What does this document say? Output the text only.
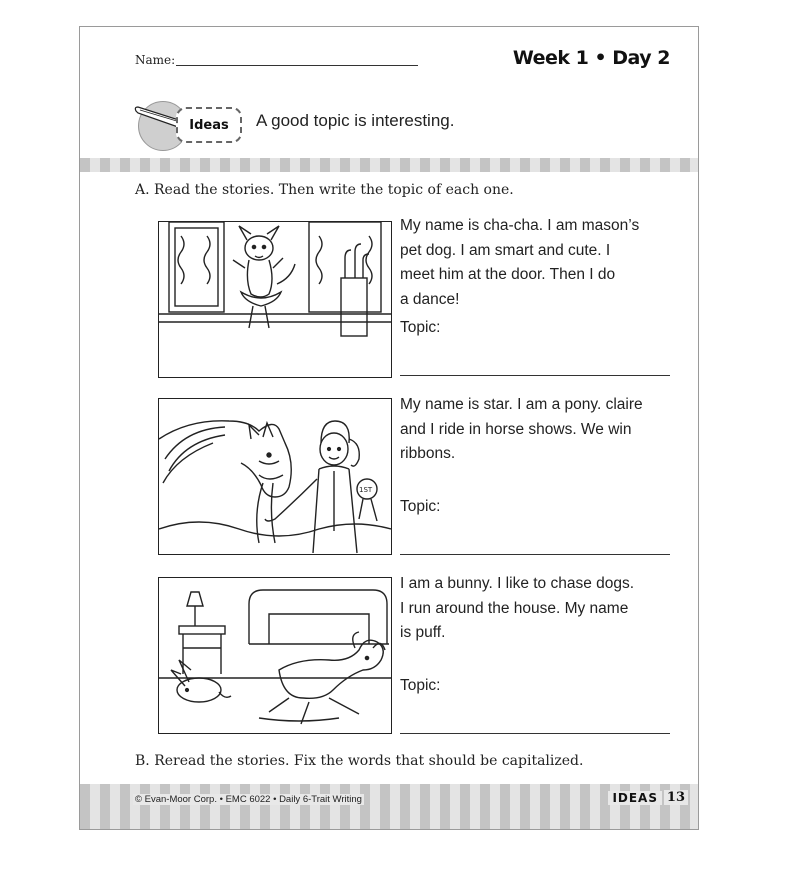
Name:	Week 1 • Day 2
Ideas	A good topic is interesting.
A. Read the stories. Then write the topic of each one.
My name is cha-cha. I am mason’s
pet dog. I am smart and cute. I
meet him at the door. Then I do
a dance!
Topic:
1ST
My name is star. I am a pony. claire
and I ride in horse shows. We win
ribbons.
Topic:
I am a bunny. I like to chase dogs.
I run around the house. My name
is puff.
Topic:
B. Reread the stories. Fix the words that should be capitalized.
© Evan-Moor Corp. • EMC 6022 • Daily 6-Trait Writing	IDEAS 13
